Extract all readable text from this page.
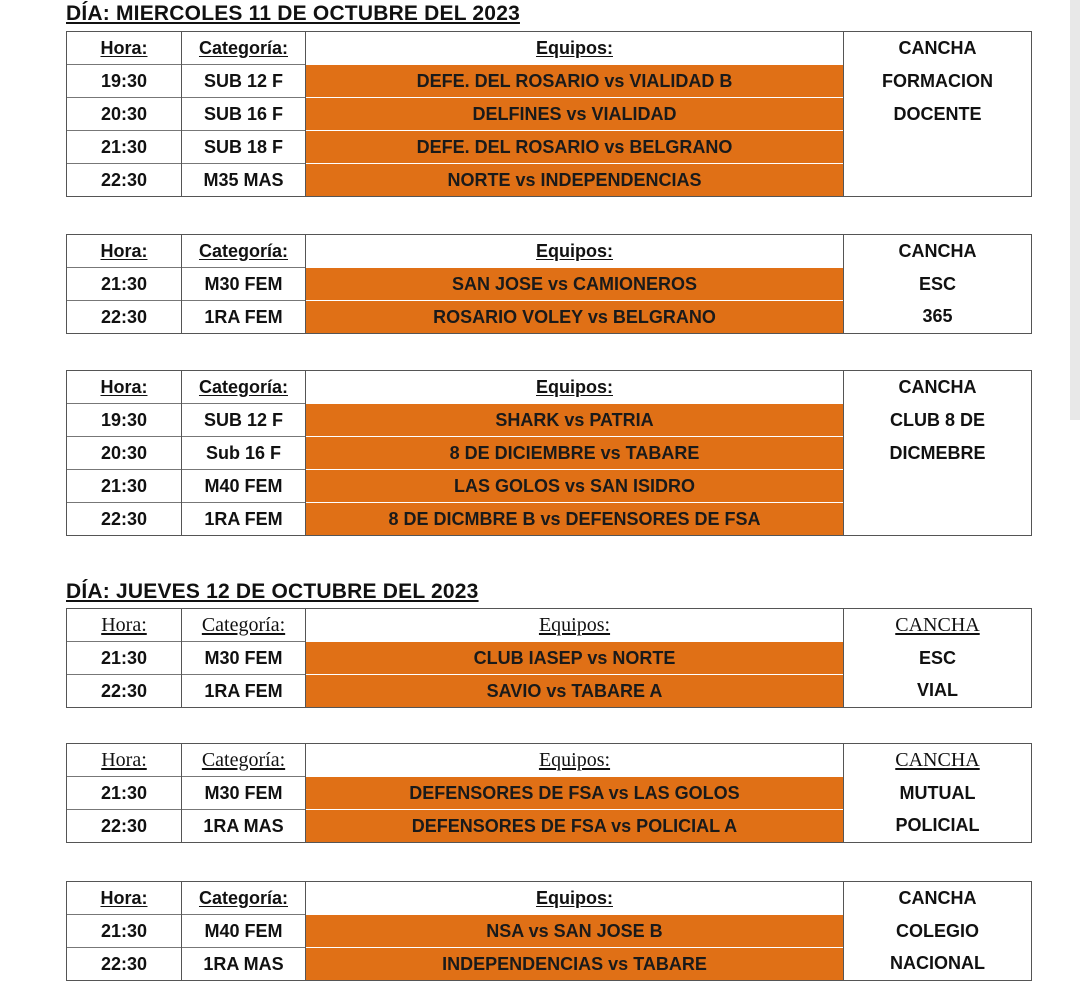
DÍA: MIERCOLES 11 DE OCTUBRE DEL 2023
Hora:	Categoría:	Equipos:	CANCHA
19:30	SUB 12 F	DEFE. DEL ROSARIO vs VIALIDAD B	FORMACION
20:30	SUB 16 F	DELFINES vs VIALIDAD	DOCENTE
21:30	SUB 18 F	DEFE. DEL ROSARIO vs BELGRANO	
22:30	M35 MAS	NORTE vs INDEPENDENCIAS	
Hora:	Categoría:	Equipos:	CANCHA
21:30	M30 FEM	SAN JOSE vs CAMIONEROS	ESC
22:30	1RA FEM	ROSARIO VOLEY vs BELGRANO	365
Hora:	Categoría:	Equipos:	CANCHA
19:30	SUB 12 F	SHARK vs PATRIA	CLUB 8 DE
20:30	Sub 16 F	8 DE DICIEMBRE vs TABARE	DICMEBRE
21:30	M40 FEM	LAS GOLOS vs SAN ISIDRO	
22:30	1RA FEM	8 DE DICMBRE B vs DEFENSORES DE FSA	
DÍA: JUEVES 12 DE OCTUBRE DEL 2023
Hora:	Categoría:	Equipos:	CANCHA
21:30	M30 FEM	CLUB IASEP vs NORTE	ESC
22:30	1RA FEM	SAVIO vs TABARE A	VIAL
Hora:	Categoría:	Equipos:	CANCHA
21:30	M30 FEM	DEFENSORES DE FSA vs LAS GOLOS	MUTUAL
22:30	1RA MAS	DEFENSORES DE FSA vs POLICIAL A	POLICIAL
Hora:	Categoría:	Equipos:	CANCHA
21:30	M40 FEM	NSA vs SAN JOSE B	COLEGIO
22:30	1RA MAS	INDEPENDENCIAS vs TABARE	NACIONAL
